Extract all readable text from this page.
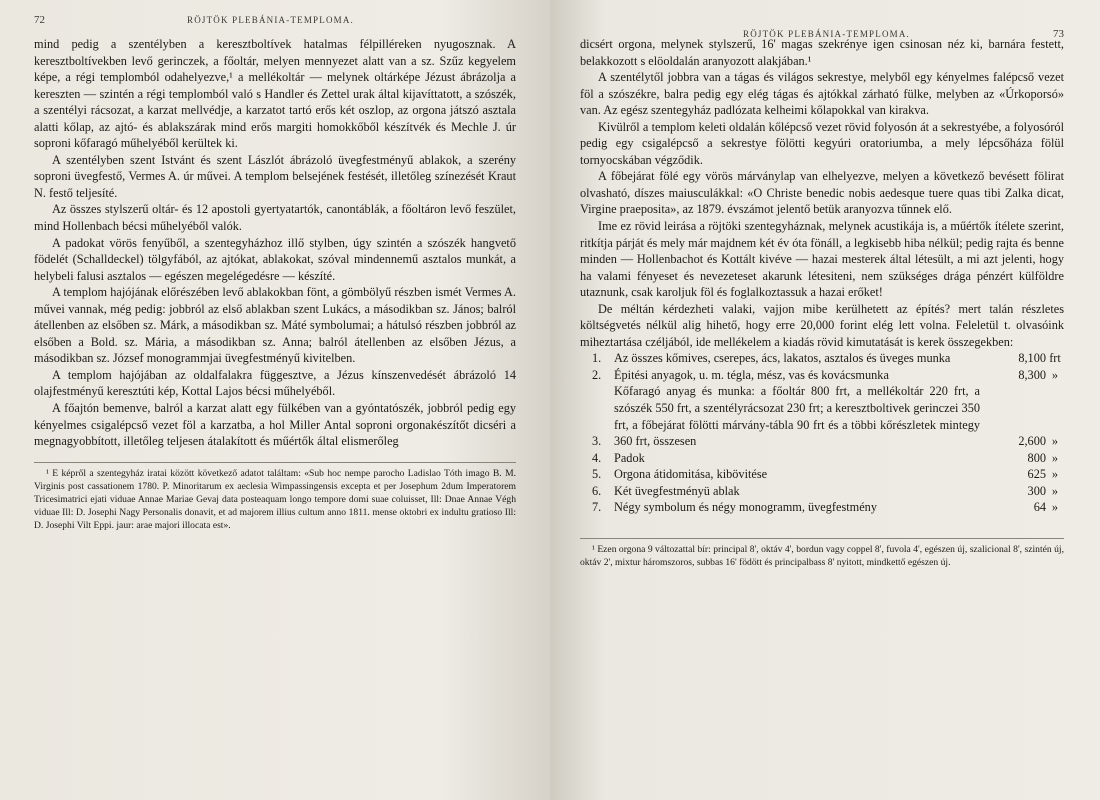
72	RÖJTÖK PLEBÁNIA-TEMPLOMA.

mind pedig a szentélyben a keresztboltívek hatalmas félpillérekеn nyugosznak. A keresztboltívekben levő gerinczek, a főoltár, melyen mennyezet alatt van a sz. Szűz kegyelem képe, a régi templomból odahelyezve,¹ a mellékoltár — melynek oltárképe Jézust ábrázolja a kereszten — szintén a régi templomból való s Handler és Zettel urak által kijavíttatott, a szószék, a szentélyi rácsozat, a karzat mellvédje, a karzatot tartó erős két oszlop, az orgona játszó asztala alatti kőlap, az ajtó- és ablakszárak mind erős margiti homokkőből készítvék és Mechle J. úr soproni kőfaragó műhelyéből kerültek ki.

A szentélyben szent Istvánt és szent Lászlót ábrázoló üvegfestményű ablakok, a szerény soproni üvegfestő, Vermes A. úr művei. A templom belsejének festését, illetőleg színezését Kraut N. festő teljesíté.

Az összes stylszerű oltár- és 12 apostoli gyertyatartók, canontáblák, a főoltáron levő feszület, mind Hollenbach bécsi műhelyéből valók.

A padokat vörös fenyűből, a szentegyházhoz illő stylben, úgy szintén a szószék hangvető födelét (Schalldeckel) tölgyfából, az ajtókat, ablakokat, szóval mindennemű asztalos munkát, a helybeli falusi asztalos — egészen megelégedésre — készíté.

A templom hajójának előrészében levő ablakokban fönt, a gömbölyű részben ismét Vermes A. művei vannak, még pedig: jobbról az első ablakban szent Lukács, a másodikban sz. János; balról átellenben az elsőben sz. Márk, a másodikban sz. Máté symbolumai; a hátulsó részben jobbról az elsőben a Bold. sz. Mária, a másodikban sz. Anna; balról átellenben az elsőben Jézus, a másodikban sz. József monogrammjai üvegfestményű kivitelben.

A templom hajójában az oldalfalakra függesztve, a Jézus kínszenvedését ábrázoló 14 olajfestményű keresztúti kép, Kottal Lajos bécsi műhelyéből.

A főajtón bemenve, balról a karzat alatt egy fülkében van a gyóntatószék, jobbról pedig egy kényelmes csigalépcső vezet föl a karzatba, a hol Miller Antal soproni orgonakészítőt dicséri a megnagyobbított, illetőleg teljesen átalakított és műértők által elismerőleg

¹ E képről a szentegyház iratai között következő adatot találtam: «Sub hoc nempe parocho Ladislao Tóth imago B. M. Virginis post cassationem 1780. P. Minoritarum ex aeclesia Wimpassingensis excepta et per Josephum 2dum Imperatorem Tricesimatrici ejati viduae Annae Mariae Gevaj data posteaquam longo tempore domi suae coluisset, Ill: Dnae Annae Végh viduae Ill: D. Josephi Nagy Personalis donavit, et ad majorem illius cultum anno 1811. mense oktobri ex indultu gratioso Ill: D. Josephi Vilt Eppi. jaur: arae majori illocata est».

RÖJTÖK PLEBÁNIA-TEMPLOMA.	73

dicsért orgona, melynek stylszerű, 16' magas szekrénye igen csinosan néz ki, barnára festett, belakkozott s elöoldalán aranyozott alakjában.¹

A szentélytől jobbra van a tágas és világos sekrestye, melyből egy kényelmes falépcső vezet föl a szószékre, balra pedig egy elég tágas és ajtókkal zárható fülke, melyben az «Úrkoporsó» van. Az egész szentegyház padlózata kelheimi kőlapokkal van kirakva.

Kivülről a templom keleti oldalán kőlépcső vezet rövid folyosón át a sekrestyébe, a folyosóról pedig egy csigalépcső a sekrestye fölötti kegyúri oratoriumba, a mely lépcsőháza fölül tornyocskában végződik.

A főbejárat fölé egy vörös márványlap van elhelyezve, melyen a következő bevésett fölirat olvasható, díszes maiusculákkal: «O Christe benedic nobis aedesque tuere quas tibi Zalka dicat, Virgine praeposita», az 1879. évszámot jelentő betük aranyozva tűnnek elő.

Ime ez rövid leirása a röjtöki szentegyháznak, melynek acustikája is, a műértők ítélete szerint, ritkítja párját és mely már majdnem két év óta fönáll, a legkisebb hiba nélkül; pedig rajta és benne minden — Hollenbachot és Kottált kivéve — hazai mesterek által létesült, a mi azt jelenti, hogy ha valami fényeset és nevezeteset akarunk létesiteni, nem szükséges drága pénzért külföldre utaznunk, csak karoljuk föl és foglalkoztassuk a hazai erőket!

De méltán kérdezheti valaki, vajjon mibe kerülhetett az építés? mert talán részletes költségvetés nélkül alig hihető, hogy erre 20,000 forint elég lett volna. Feleletül t. olvasóink miheztartása czéljából, ide mellékelem a kiadás rövid kimutatását is kerek összegekben:

1.	Az összes kőmives, cserepes, ács, lakatos, asztalos és üveges munka	8,100 frt
2.	Épitési anyagok, u. m. tégla, mész, vas és kovácsmunka	8,300 »
3.
Kőfaragó anyag és munka: a főoltár 800 frt, a mellékoltár 220 frt, a szószék 550 frt, a szentélyrácsozat 230 frt; a keresztboltivek gerinczei 350 frt, a főbejárat fölötti márvány-tábla 90 frt és a többi kőrészletek mintegy 360 frt, összesen	2,600 »
4.	Padok	800 »
5.	Orgona átidomitása, kibövitése	625 »
6.	Két üvegfestményü ablak	300 »
7.	Négy symbolum és négy monogramm, üvegfestmény	64 »

¹ Ezen orgona 9 változattal bír: principal 8', oktáv 4', bordun vagy coppel 8', fuvola 4', egészen új, szalicional 8', szintén új, oktáv 2', mixtur háromszoros, subbas 16' födött és principalbass 8' nyitott, mindkettő egészen új.
